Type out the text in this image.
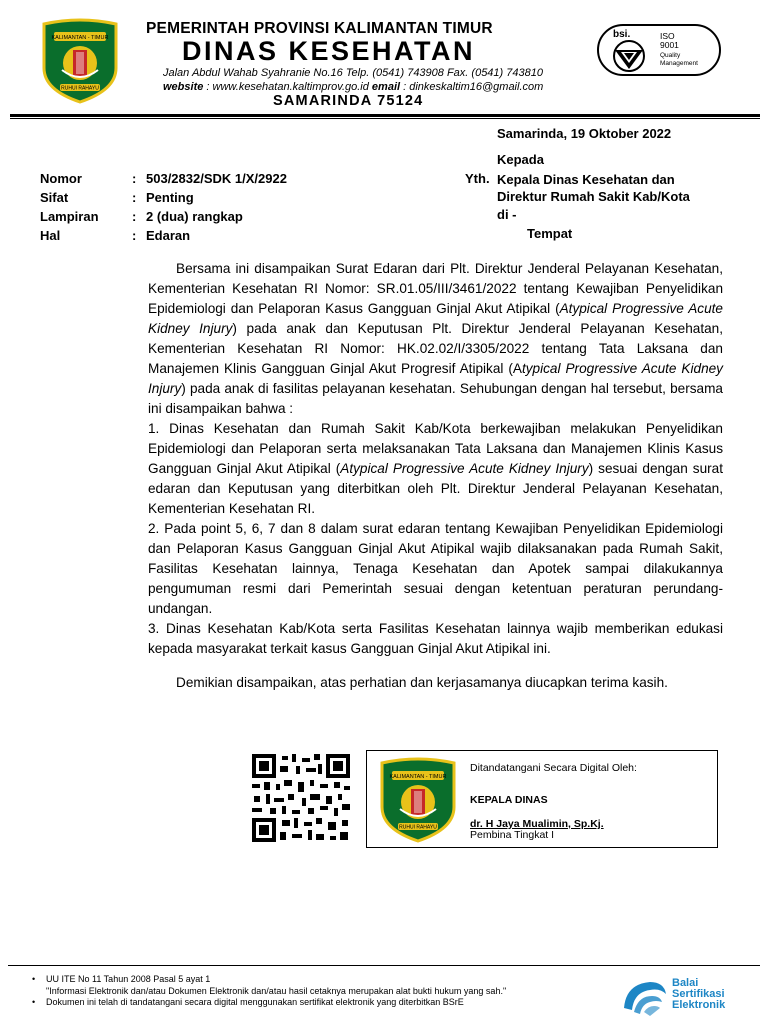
KALIMANTAN - TIMUR
RUHUI RAHAYU
PEMERINTAH PROVINSI KALIMANTAN TIMUR
DINAS KESEHATAN
Jalan Abdul Wahab Syahranie No.16 Telp. (0541) 743908 Fax. (0541) 743810
website : www.kesehatan.kaltimprov.go.id email : dinkeskaltim16@gmail.com
SAMARINDA 75124
bsi.	ISO
9001
Quality
Management
Samarinda, 19 Oktober 2022
Kepada
Yth. Kepala Dinas Kesehatan dan
Direktur Rumah Sakit Kab/Kota
di -
Tempat
Nomor	: 503/2832/SDK 1/X/2922
Sifat	: Penting
Lampiran	: 2 (dua) rangkap
Hal	: Edaran

Bersama ini disampaikan Surat Edaran dari Plt. Direktur Jenderal Pelayanan Kesehatan, Kementerian Kesehatan RI Nomor: SR.01.05/III/3461/2022 tentang Kewajiban Penyelidikan Epidemiologi dan Pelaporan Kasus Gangguan Ginjal Akut Atipikal (Atypical Progressive Acute Kidney Injury) pada anak dan Keputusan Plt. Direktur Jenderal Pelayanan Kesehatan, Kementerian Kesehatan RI Nomor: HK.02.02/I/3305/2022 tentang Tata Laksana dan Manajemen Klinis Gangguan Ginjal Akut Progresif Atipikal (Atypical Progressive Acute Kidney Injury) pada anak di fasilitas pelayanan kesehatan. Sehubungan dengan hal tersebut, bersama ini disampaikan bahwa :

1. Dinas Kesehatan dan Rumah Sakit Kab/Kota berkewajiban melakukan Penyelidikan Epidemiologi dan Pelaporan serta melaksanakan Tata Laksana dan Manajemen Klinis Kasus Gangguan Ginjal Akut Atipikal (Atypical Progressive Acute Kidney Injury) sesuai dengan surat edaran dan Keputusan yang diterbitkan oleh Plt. Direktur Jenderal Pelayanan Kesehatan, Kementerian Kesehatan RI.

2. Pada point 5, 6, 7 dan 8 dalam surat edaran tentang Kewajiban Penyelidikan Epidemiologi dan Pelaporan Kasus Gangguan Ginjal Akut Atipikal wajib dilaksanakan pada Rumah Sakit, Fasilitas Kesehatan lainnya, Tenaga Kesehatan dan Apotek sampai dilakukannya pengumuman resmi dari Pemerintah sesuai dengan ketentuan peraturan perundang-undangan.

3. Dinas Kesehatan Kab/Kota serta Fasilitas Kesehatan lainnya wajib memberikan edukasi kepada masyarakat terkait kasus Gangguan Ginjal Akut Atipikal ini.

Demikian disampaikan, atas perhatian dan kerjasamanya diucapkan terima kasih.

KALIMANTAN - TIMUR
RUHUI RAHAYU
Ditandatangani Secara Digital Oleh:
KEPALA DINAS
dr. H Jaya Mualimin, Sp.Kj.
Pembina Tingkat I
• UU ITE No 11 Tahun 2008 Pasal 5 ayat 1
"Informasi Elektronik dan/atau Dokumen Elektronik dan/atau hasil cetaknya merupakan alat bukti hukum yang sah."
• Dokumen ini telah di tandatangani secara digital menggunakan sertifikat elektronik yang diterbitkan BSrE
Balai
Sertifikasi
Elektronik
